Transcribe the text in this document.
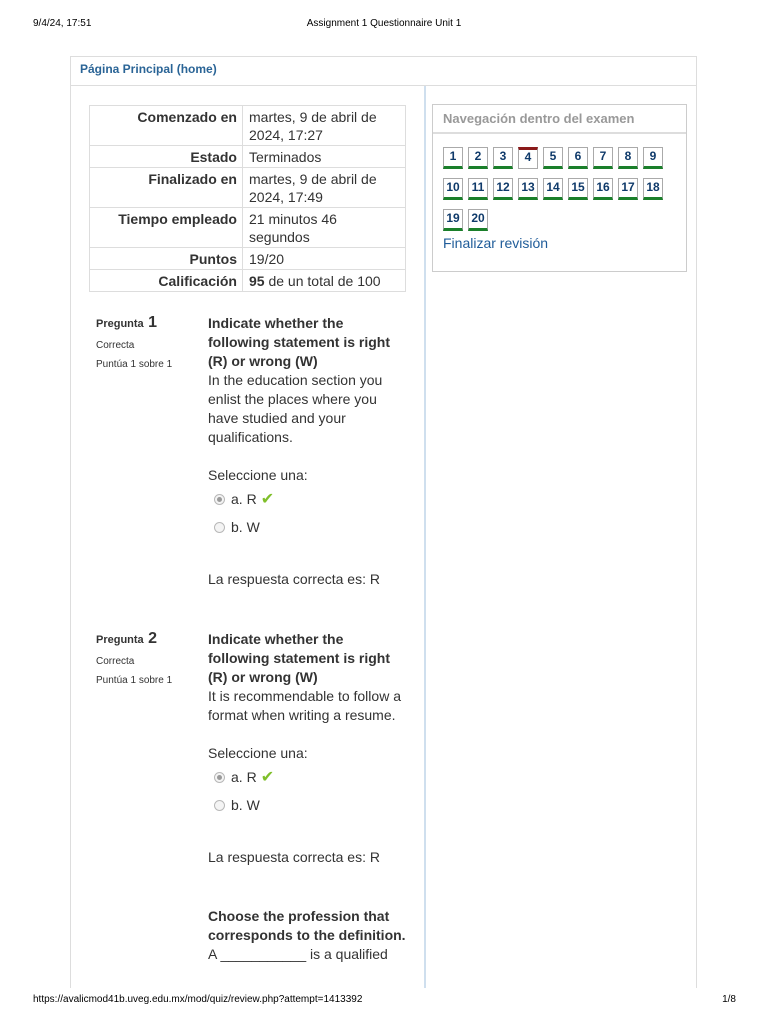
9/4/24, 17:51	Assignment 1 Questionnaire Unit 1
Página Principal (home)
Comenzado en	martes, 9 de abril de 2024, 17:27
Estado	Terminados
Finalizado en	martes, 9 de abril de 2024, 17:49
Tiempo empleado	21 minutos 46 segundos
Puntos	19/20
Calificación	95 de un total de 100
Pregunta 1
Correcta
Puntúa 1 sobre 1
Indicate whether the following statement is right (R) or wrong (W)
In the education section you enlist the places where you have studied and your qualifications.
Seleccione una:
a. R ✔
b. W
La respuesta correcta es: R
Pregunta 2
Correcta
Puntúa 1 sobre 1
Indicate whether the following statement is right (R) or wrong (W)
It is recommendable to follow a format when writing a resume.
Seleccione una:
a. R ✔
b. W
La respuesta correcta es: R
Choose the profession that corresponds to the definition.
A ___________ is a qualified
Navegación dentro del examen
1 2 3 4 5 6 7 8 9
10 11 12 13 14 15 16 17 18
19 20
Finalizar revisión
https://avalicmod41b.uveg.edu.mx/mod/quiz/review.php?attempt=1413392	1/8
